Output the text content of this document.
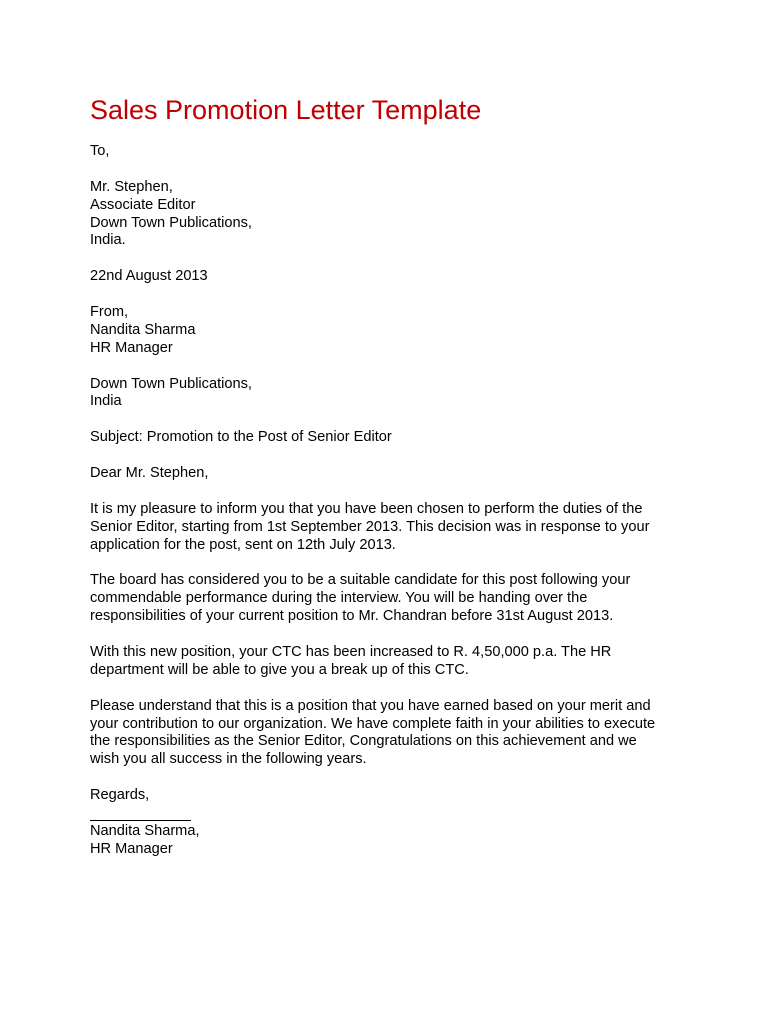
Sales Promotion Letter Template
To,
Mr. Stephen,
Associate Editor
Down Town Publications,
India.
22nd August 2013
From,
Nandita Sharma
HR Manager
Down Town Publications,
India
Subject: Promotion to the Post of Senior Editor
Dear Mr. Stephen,
It is my pleasure to inform you that you have been chosen to perform the duties of the
Senior Editor, starting from 1st September 2013. This decision was in response to your
application for the post, sent on 12th July 2013.
The board has considered you to be a suitable candidate for this post following your
commendable performance during the interview. You will be handing over the
responsibilities of your current position to Mr. Chandran before 31st August 2013.
With this new position, your CTC has been increased to R. 4,50,000 p.a. The HR
department will be able to give you a break up of this CTC.
Please understand that this is a position that you have earned based on your merit and
your contribution to our organization. We have complete faith in your abilities to execute
the responsibilities as the Senior Editor, Congratulations on this achievement and we
wish you all success in the following years.
Regards,
Nandita Sharma,
HR Manager
